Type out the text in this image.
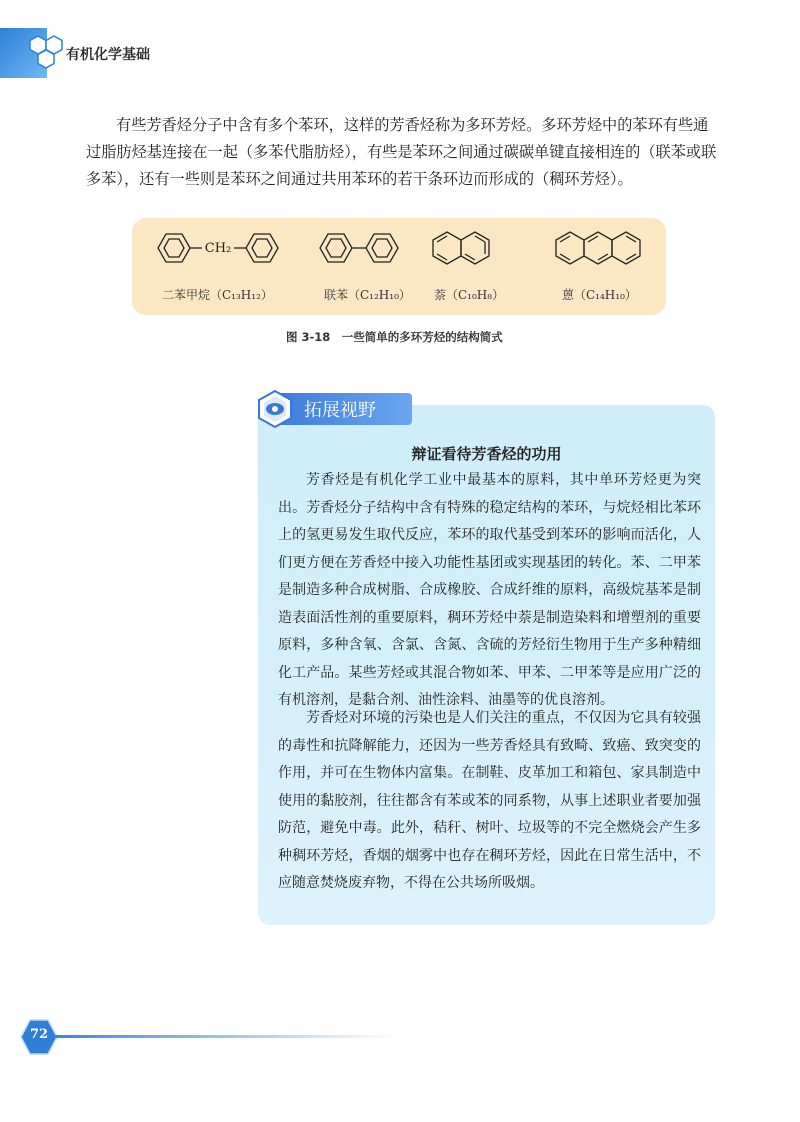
有机化学基础

有些芳香烃分子中含有多个苯环，这样的芳香烃称为多环芳烃。多环芳烃中的苯环有些通过脂肪烃基连接在一起（多苯代脂肪烃），有些是苯环之间通过碳碳单键直接相连的（联苯或联多苯），还有一些则是苯环之间通过共用苯环的若干条环边而形成的（稠环芳烃）。

CH₂
二苯甲烷（C₁₃H₁₂）	联苯（C₁₂H₁₀） 萘（C₁₀H₈）	蒽（C₁₄H₁₀）
图 3-18　一些简单的多环芳烃的结构简式
辩证看待芳香烃的功用

芳香烃是有机化学工业中最基本的原料，其中单环芳烃更为突出。芳香烃分子结构中含有特殊的稳定结构的苯环，与烷烃相比苯环上的氢更易发生取代反应，苯环的取代基受到苯环的影响而活化，人们更方便在芳香烃中接入功能性基团或实现基团的转化。苯、二甲苯是制造多种合成树脂、合成橡胶、合成纤维的原料，高级烷基苯是制造表面活性剂的重要原料，稠环芳烃中萘是制造染料和增塑剂的重要原料，多种含氧、含氯、含氮、含硫的芳烃衍生物用于生产多种精细化工产品。某些芳烃或其混合物如苯、甲苯、二甲苯等是应用广泛的有机溶剂，是黏合剂、油性涂料、油墨等的优良溶剂。

芳香烃对环境的污染也是人们关注的重点，不仅因为它具有较强的毒性和抗降解能力，还因为一些芳香烃具有致畸、致癌、致突变的作用，并可在生物体内富集。在制鞋、皮革加工和箱包、家具制造中使用的黏胶剂，往往都含有苯或苯的同系物，从事上述职业者要加强防范，避免中毒。此外，秸秆、树叶、垃圾等的不完全燃烧会产生多种稠环芳烃，香烟的烟雾中也存在稠环芳烃，因此在日常生活中，不应随意焚烧废弃物，不得在公共场所吸烟。

拓展视野
72
